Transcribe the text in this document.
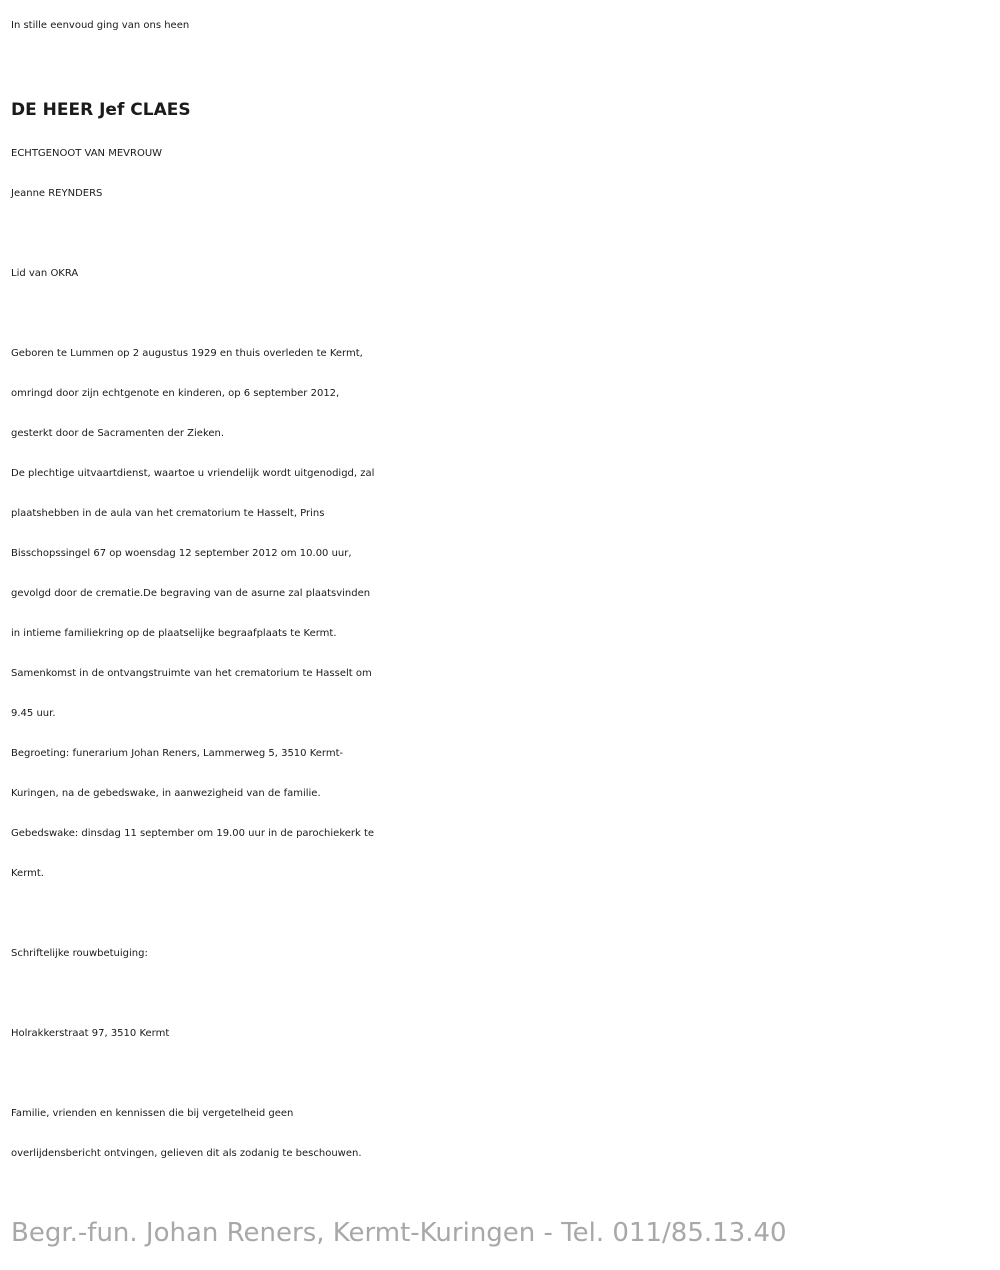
In stille eenvoud ging van ons heen
DE HEER Jef CLAES
ECHTGENOOT VAN MEVROUW
Jeanne REYNDERS
Lid van OKRA
Geboren te Lummen op 2 augustus 1929 en thuis overleden te Kermt,
omringd door zijn echtgenote en kinderen, op 6 september 2012,
gesterkt door de Sacramenten der Zieken.
De plechtige uitvaartdienst, waartoe u vriendelijk wordt uitgenodigd, zal
plaatshebben in de aula van het crematorium te Hasselt, Prins
Bisschopssingel 67 op woensdag 12 september 2012 om 10.00 uur,
gevolgd door de crematie.De begraving van de asurne zal plaatsvinden
in intieme familiekring op de plaatselijke begraafplaats te Kermt.
Samenkomst in de ontvangstruimte van het crematorium te Hasselt om
9.45 uur.
Begroeting: funerarium Johan Reners, Lammerweg 5, 3510 Kermt-
Kuringen, na de gebedswake, in aanwezigheid van de familie.
Gebedswake: dinsdag 11 september om 19.00 uur in de parochiekerk te
Kermt.
Schriftelijke rouwbetuiging:
Holrakkerstraat 97, 3510 Kermt
Familie, vrienden en kennissen die bij vergetelheid geen
overlijdensbericht ontvingen, gelieven dit als zodanig te beschouwen.
Begr.-fun. Johan Reners, Kermt-Kuringen - Tel. 011/85.13.40
